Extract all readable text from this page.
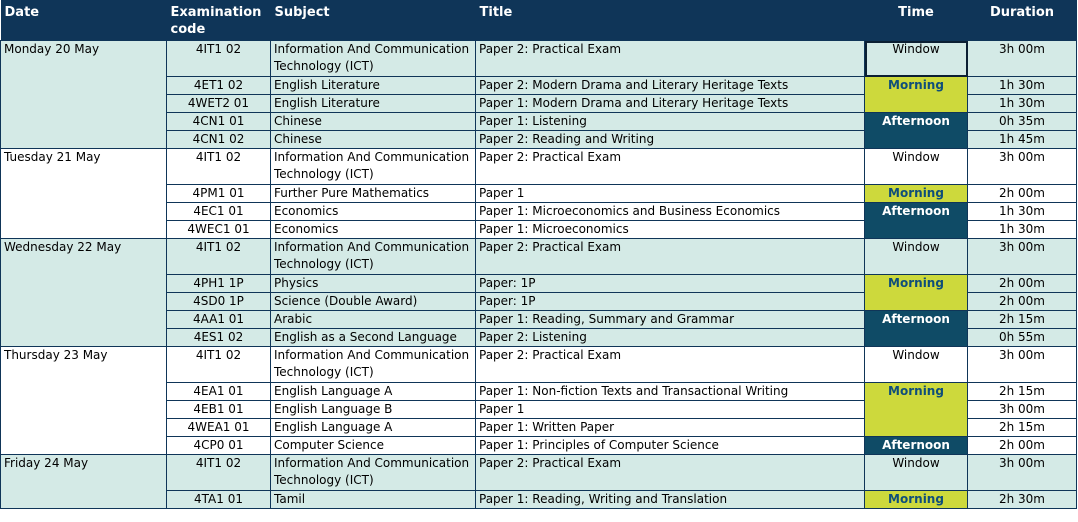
Date	Examination code	Subject	Title	Time	Duration
Monday 20 May	4IT1 02	Information And Communication Technology (ICT)	Paper 2: Practical Exam	Window	3h 00m
	4ET1 02	English Literature	Paper 2: Modern Drama and Literary Heritage Texts	Morning	1h 30m
	4WET2 01	English Literature	Paper 1: Modern Drama and Literary Heritage Texts		1h 30m
	4CN1 01	Chinese	Paper 1: Listening	Afternoon	0h 35m
	4CN1 02	Chinese	Paper 2: Reading and Writing		1h 45m
Tuesday 21 May	4IT1 02	Information And Communication Technology (ICT)	Paper 2: Practical Exam	Window	3h 00m
	4PM1 01	Further Pure Mathematics	Paper 1	Morning	2h 00m
	4EC1 01	Economics	Paper 1: Microeconomics and Business Economics	Afternoon	1h 30m
	4WEC1 01	Economics	Paper 1: Microeconomics		1h 30m
Wednesday 22 May	4IT1 02	Information And Communication Technology (ICT)	Paper 2: Practical Exam	Window	3h 00m
	4PH1 1P	Physics	Paper: 1P	Morning	2h 00m
	4SD0 1P	Science (Double Award)	Paper: 1P		2h 00m
	4AA1 01	Arabic	Paper 1: Reading, Summary and Grammar	Afternoon	2h 15m
	4ES1 02	English as a Second Language	Paper 2: Listening		0h 55m
Thursday 23 May	4IT1 02	Information And Communication Technology (ICT)	Paper 2: Practical Exam	Window	3h 00m
	4EA1 01	English Language A	Paper 1: Non-fiction Texts and Transactional Writing	Morning	2h 15m
	4EB1 01	English Language B	Paper 1		3h 00m
	4WEA1 01	English Language A	Paper 1: Written Paper		2h 15m
	4CP0 01	Computer Science	Paper 1: Principles of Computer Science	Afternoon	2h 00m
Friday 24 May	4IT1 02	Information And Communication Technology (ICT)	Paper 2: Practical Exam	Window	3h 00m
	4TA1 01	Tamil	Paper 1: Reading, Writing and Translation	Morning	2h 30m
